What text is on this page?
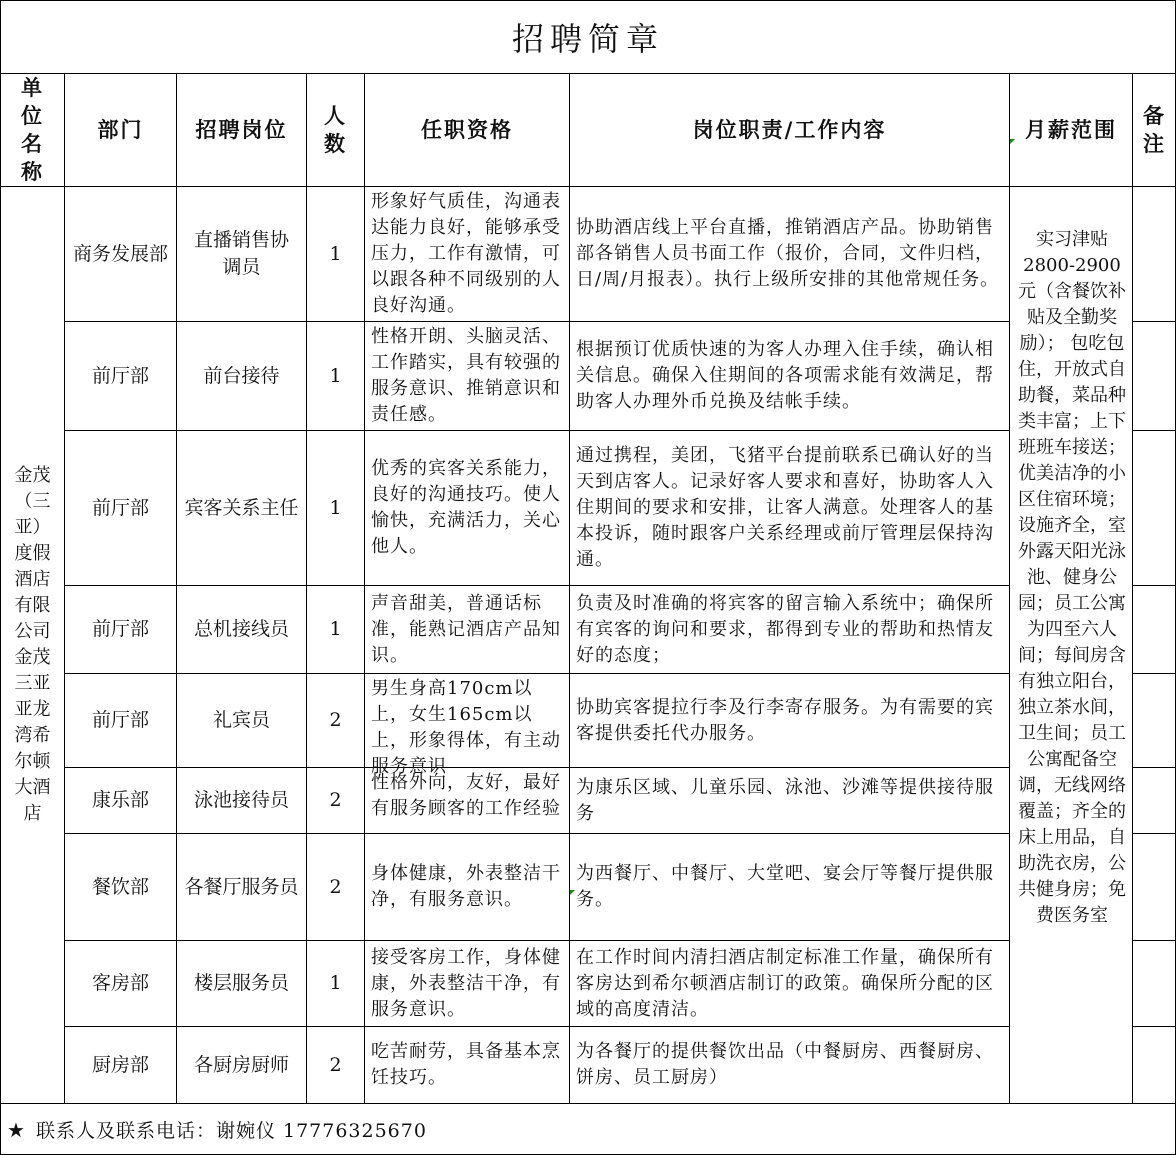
招聘简章							
单位名称	部门	招聘岗位	人数	任职资格	岗位职责/工作内容	月薪范围	备注
金茂（三亚）度假酒店有限公司金茂三亚亚龙湾希尔顿大酒店	商务发展部	直播销售协调员	1	形象好气质佳，沟通表达能力良好，能够承受压力，工作有激情，可以跟各种不同级别的人良好沟通。	协助酒店线上平台直播，推销酒店产品。协助销售部各销售人员书面工作（报价，合同，文件归档，日/周/月报表）。执行上级所安排的其他常规任务。	实习津贴2800-2900元（含餐饮补贴及全勤奖励）； 包吃包住，开放式自助餐，菜品种类丰富；上下班班车接送；优美洁净的小区住宿环境；设施齐全，室外露天阳光泳池、健身公园；员工公寓为四至六人间；每间房含有独立阳台，独立茶水间，卫生间；员工公寓配备空调，无线网络覆盖；齐全的床上用品，自助洗衣房，公共健身房；免费医务室	
	前厅部	前台接待	1	性格开朗、头脑灵活、工作踏实，具有较强的服务意识、推销意识和责任感。	根据预订优质快速的为客人办理入住手续，确认相关信息。确保入住期间的各项需求能有效满足，帮助客人办理外币兑换及结帐手续。		
	前厅部	宾客关系主任	1	优秀的宾客关系能力，良好的沟通技巧。使人愉快，充满活力，关心他人。	通过携程，美团，飞猪平台提前联系已确认好的当天到店客人。记录好客人要求和喜好，协助客人入住期间的要求和安排，让客人满意。处理客人的基本投诉，随时跟客户关系经理或前厅管理层保持沟通。		
	前厅部	总机接线员	1	声音甜美，普通话标准，能熟记酒店产品知识。	负责及时准确的将宾客的留言输入系统中；确保所有宾客的询问和要求，都得到专业的帮助和热情友好的态度；		
	前厅部	礼宾员	2	男生身高170cm以上，女生165cm以上，形象得体，有主动服务意识	协助宾客提拉行李及行李寄存服务。为有需要的宾客提供委托代办服务。		
	康乐部	泳池接待员	2	性格外向，友好，最好有服务顾客的工作经验	为康乐区域、儿童乐园、泳池、沙滩等提供接待服务		
	餐饮部	各餐厅服务员	2	身体健康，外表整洁干净，有服务意识。	为西餐厅、中餐厅、大堂吧、宴会厅等餐厅提供服务。		
	客房部	楼层服务员	1	接受客房工作，身体健康，外表整洁干净，有服务意识。	在工作时间内清扫酒店制定标准工作量，确保所有客房达到希尔顿酒店制订的政策。确保所分配的区域的高度清洁。		
	厨房部	各厨房厨师	2	吃苦耐劳，具备基本烹饪技巧。	为各餐厅的提供餐饮出品（中餐厨房、西餐厨房、饼房、员工厨房）		
★ 联系人及联系电话：谢婉仪 17776325670							
